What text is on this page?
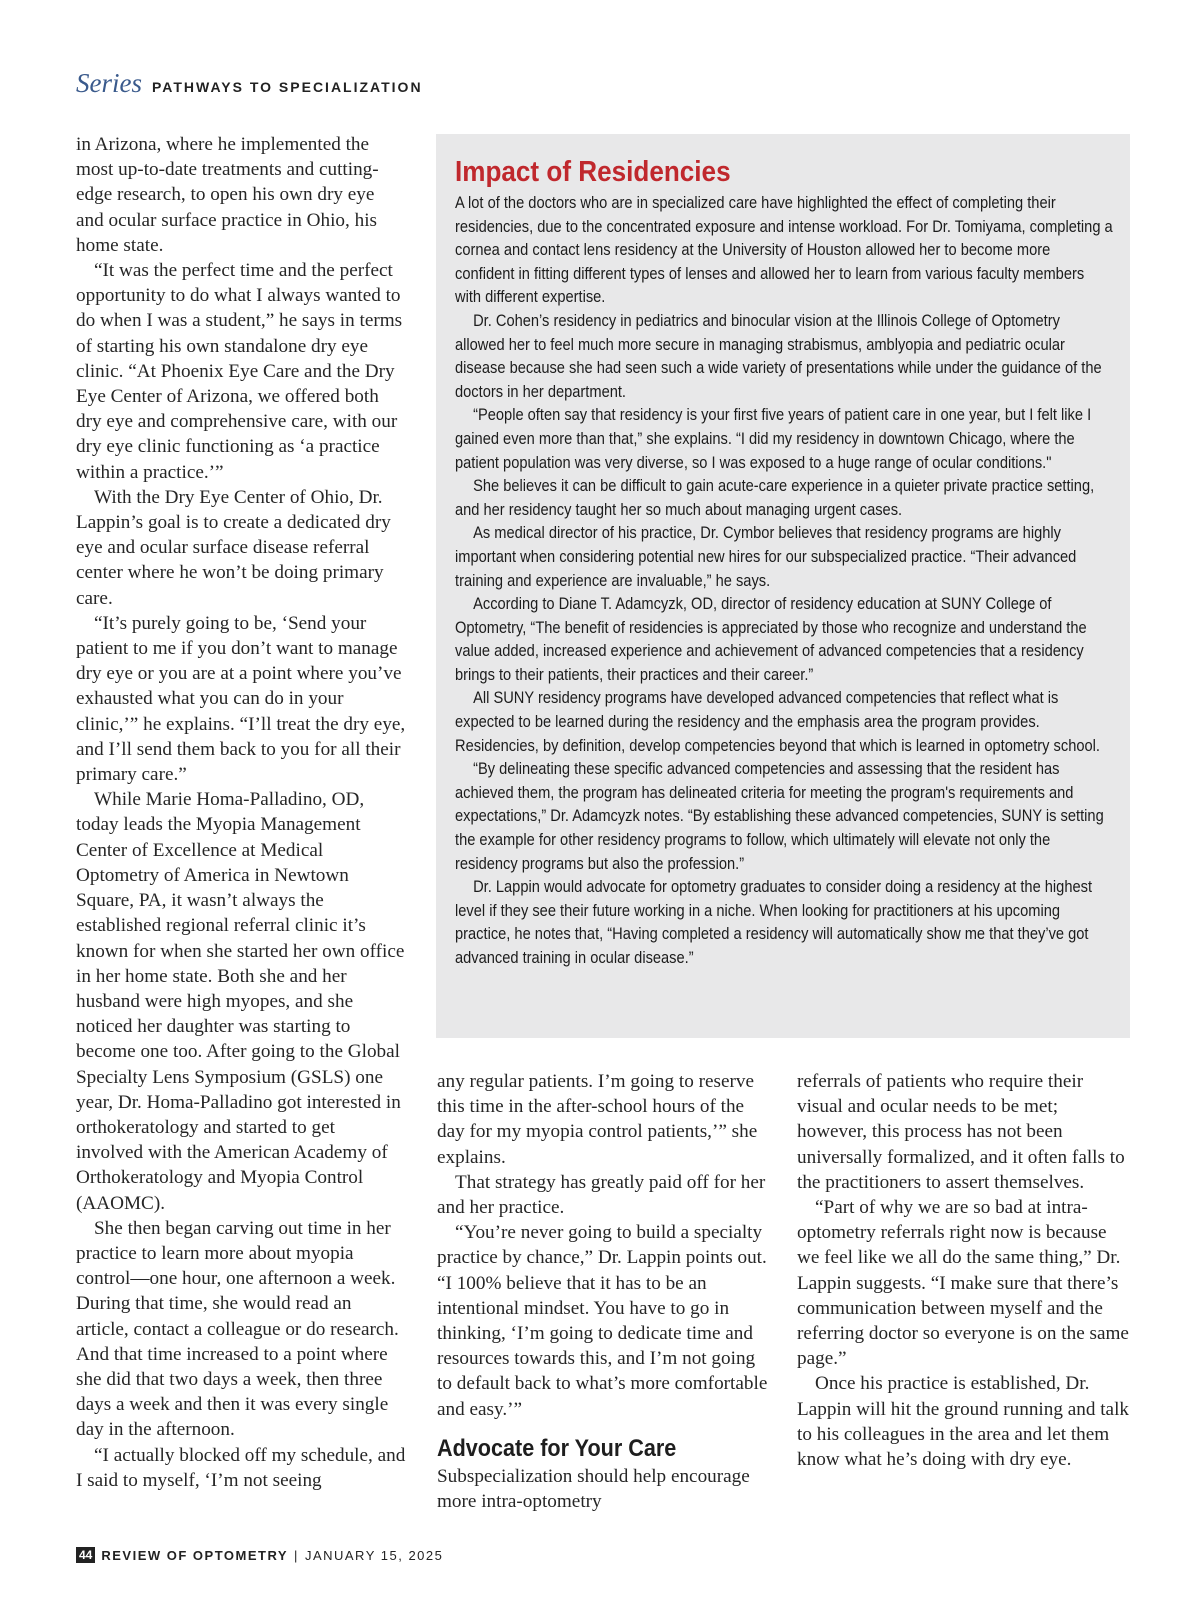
Series PATHWAYS TO SPECIALIZATION

in Arizona, where he implemented the most up-to-date treatments and cutting-edge research, to open his own dry eye and ocular surface practice in Ohio, his home state.

“It was the perfect time and the perfect opportunity to do what I always wanted to do when I was a student,” he says in terms of starting his own standalone dry eye clinic. “At Phoenix Eye Care and the Dry Eye Center of Arizona, we offered both dry eye and comprehensive care, with our dry eye clinic functioning as ‘a practice within a practice.’”

With the Dry Eye Center of Ohio, Dr. Lappin’s goal is to create a dedicated dry eye and ocular surface disease referral center where he won’t be doing primary care.

“It’s purely going to be, ‘Send your patient to me if you don’t want to manage dry eye or you are at a point where you’ve exhausted what you can do in your clinic,’” he explains. “I’ll treat the dry eye, and I’ll send them back to you for all their primary care.”

While Marie Homa-Palladino, OD, today leads the Myopia Management Center of Excellence at Medical Optometry of America in Newtown Square, PA, it wasn’t always the established regional referral clinic it’s known for when she started her own office in her home state. Both she and her husband were high myopes, and she noticed her daughter was starting to become one too. After going to the Global Specialty Lens Symposium (GSLS) one year, Dr. Homa-Palladino got interested in orthokeratology and started to get involved with the American Academy of Orthokeratology and Myopia Control (AAOMC).

She then began carving out time in her practice to learn more about myopia control—one hour, one afternoon a week. During that time, she would read an article, contact a colleague or do research. And that time increased to a point where she did that two days a week, then three days a week and then it was every single day in the afternoon.

“I actually blocked off my schedule, and I said to myself, ‘I’m not seeing

Impact of Residencies

A lot of the doctors who are in specialized care have highlighted the effect of completing their residencies, due to the concentrated exposure and intense workload. For Dr. Tomiyama, completing a cornea and contact lens residency at the University of Houston allowed her to become more confident in fitting different types of lenses and allowed her to learn from various faculty members with different expertise.

Dr. Cohen’s residency in pediatrics and binocular vision at the Illinois College of Optometry allowed her to feel much more secure in managing strabismus, amblyopia and pediatric ocular disease because she had seen such a wide variety of presentations while under the guidance of the doctors in her department.

“People often say that residency is your first five years of patient care in one year, but I felt like I gained even more than that,” she explains. “I did my residency in downtown Chicago, where the patient population was very diverse, so I was exposed to a huge range of ocular conditions."

She believes it can be difficult to gain acute-care experience in a quieter private practice setting, and her residency taught her so much about managing urgent cases.

As medical director of his practice, Dr. Cymbor believes that residency programs are highly important when considering potential new hires for our subspecialized practice. “Their advanced training and experience are invaluable,” he says.

According to Diane T. Adamcyzk, OD, director of residency education at SUNY College of Optometry, “The benefit of residencies is appreciated by those who recognize and understand the value added, increased experience and achievement of advanced competencies that a residency brings to their patients, their practices and their career.”

All SUNY residency programs have developed advanced competencies that reflect what is expected to be learned during the residency and the emphasis area the program provides. Residencies, by definition, develop competencies beyond that which is learned in optometry school.

“By delineating these specific advanced competencies and assessing that the resident has achieved them, the program has delineated criteria for meeting the program's requirements and expectations,” Dr. Adamcyzk notes. “By establishing these advanced competencies, SUNY is setting the example for other residency programs to follow, which ultimately will elevate not only the residency programs but also the profession.”

Dr. Lappin would advocate for optometry graduates to consider doing a residency at the highest level if they see their future working in a niche. When looking for practitioners at his upcoming practice, he notes that, “Having completed a residency will automatically show me that they’ve got advanced training in ocular disease.”

any regular patients. I’m going to reserve this time in the after-school hours of the day for my myopia control patients,’” she explains.

That strategy has greatly paid off for her and her practice.

“You’re never going to build a specialty practice by chance,” Dr. Lappin points out. “I 100% believe that it has to be an intentional mindset. You have to go in thinking, ‘I’m going to dedicate time and resources towards this, and I’m not going to default back to what’s more comfortable and easy.’”

Advocate for Your Care

Subspecialization should help encourage more intra-optometry

referrals of patients who require their visual and ocular needs to be met; however, this process has not been universally formalized, and it often falls to the practitioners to assert themselves.

“Part of why we are so bad at intra-optometry referrals right now is because we feel like we all do the same thing,” Dr. Lappin suggests. “I make sure that there’s communication between myself and the referring doctor so everyone is on the same page.”

Once his practice is established, Dr. Lappin will hit the ground running and talk to his colleagues in the area and let them know what he’s doing with dry eye.

44 REVIEW OF OPTOMETRY | JANUARY 15, 2025
